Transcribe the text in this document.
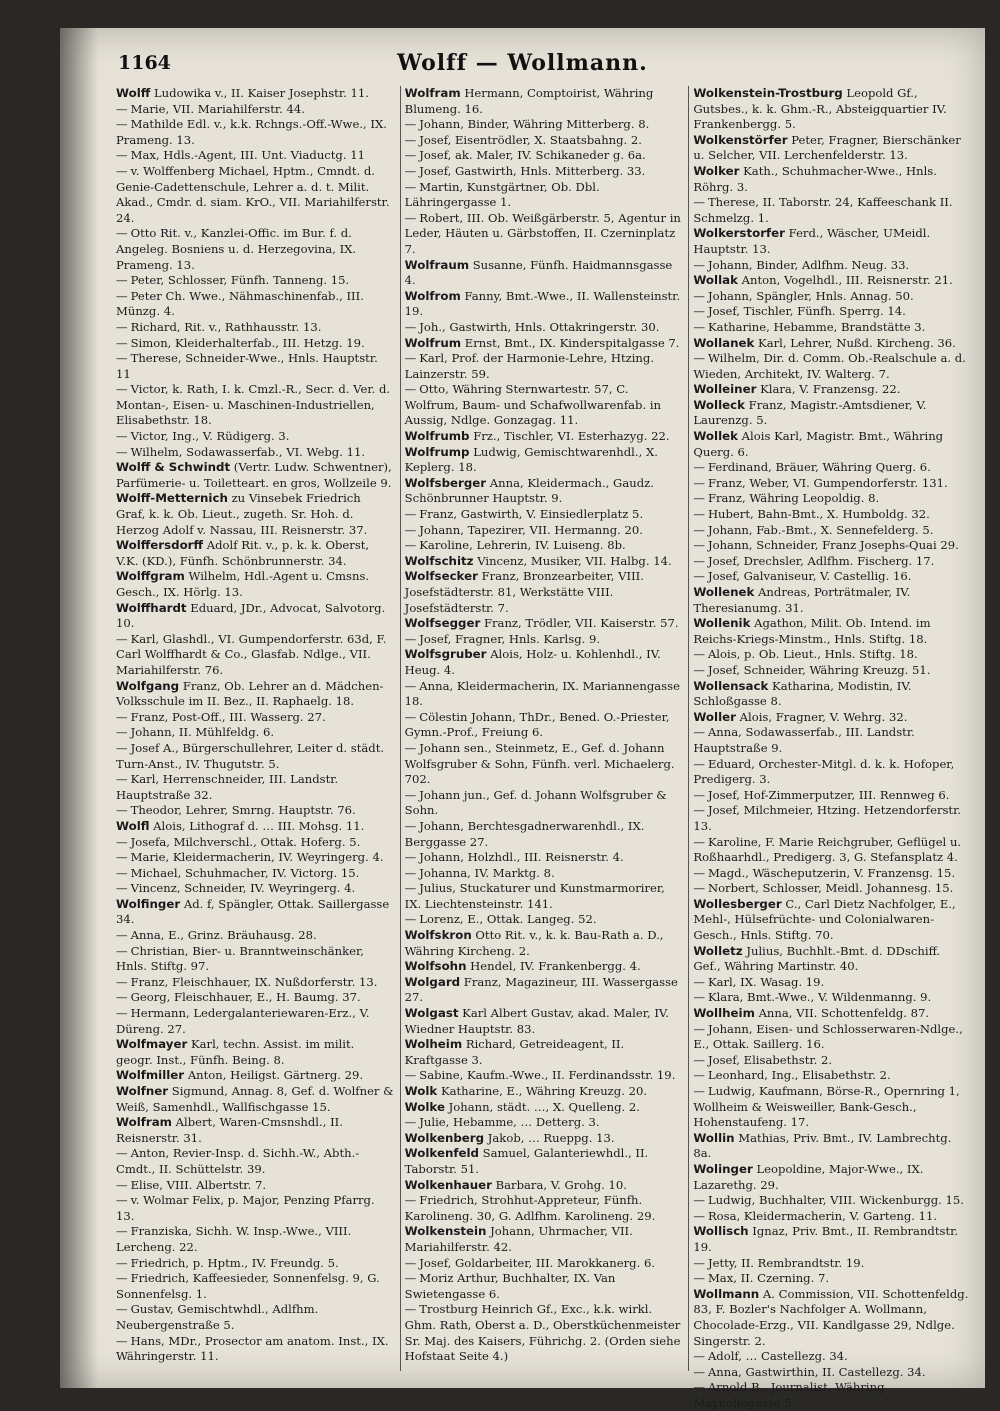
1164	Wolff — Wollmann.

Wolff Ludowika v., II. Kaiser Josephstr. 11.

— Marie, VII. Mariahilferstr. 44.

— Mathilde Edl. v., k.k. Rchngs.-Off.-Wwe., IX. Prameng. 13.

— Max, Hdls.-Agent, III. Unt. Viaductg. 11

— v. Wolffenberg Michael, Hptm., Cmndt. d. Genie-Cadettenschule, Lehrer a. d. t. Milit. Akad., Cmdr. d. siam. KrO., VII. Mariahilferstr. 24.

— Otto Rit. v., Kanzlei-Offic. im Bur. f. d. Angeleg. Bosniens u. d. Herzegovina, IX. Prameng. 13.

— Peter, Schlosser, Fünfh. Tanneng. 15.

— Peter Ch. Wwe., Nähmaschinenfab., III. Münzg. 4.

— Richard, Rit. v., Rathhausstr. 13.

— Simon, Kleiderhalterfab., III. Hetzg. 19.

— Therese, Schneider-Wwe., Hnls. Hauptstr. 11

— Victor, k. Rath, I. k. Cmzl.-R., Secr. d. Ver. d. Montan-, Eisen- u. Maschinen-Industriellen, Elisabethstr. 18.

— Victor, Ing., V. Rüdigerg. 3.

— Wilhelm, Sodawasserfab., VI. Webg. 11.

Wolff & Schwindt (Vertr. Ludw. Schwentner), Parfümerie- u. Toiletteart. en gros, Wollzeile 9.

Wolff-Metternich zu Vinsebek Friedrich Graf, k. k. Ob. Lieut., zugeth. Sr. Hoh. d. Herzog Adolf v. Nassau, III. Reisnerstr. 37.

Wolffersdorff Adolf Rit. v., p. k. k. Oberst, V.K. (KD.), Fünfh. Schönbrunnerstr. 34.

Wolffgram Wilhelm, Hdl.-Agent u. Cmsns. Gesch., IX. Hörlg. 13.

Wolffhardt Eduard, JDr., Advocat, Salvotorg. 10.

— Karl, Glashdl., VI. Gumpendorferstr. 63d, F. Carl Wolffhardt & Co., Glasfab. Ndlge., VII. Mariahilferstr. 76.

Wolfgang Franz, Ob. Lehrer an d. Mädchen-Volksschule im II. Bez., II. Raphaelg. 18.

— Franz, Post-Off., III. Wasserg. 27.

— Johann, II. Mühlfeldg. 6.

— Josef A., Bürgerschullehrer, Leiter d. städt. Turn-Anst., IV. Thugutstr. 5.

— Karl, Herrenschneider, III. Landstr. Hauptstraße 32.

— Theodor, Lehrer, Smrng. Hauptstr. 76.

Wolfl Alois, Lithograf d. … III. Mohsg. 11.

— Josefa, Milchverschl., Ottak. Hoferg. 5.

— Marie, Kleidermacherin, IV. Weyringerg. 4.

— Michael, Schuhmacher, IV. Victorg. 15.

— Vincenz, Schneider, IV. Weyringerg. 4.

Wolfinger Ad. f, Spängler, Ottak. Saillergasse 34.

— Anna, E., Grinz. Bräuhausg. 28.

— Christian, Bier- u. Branntweinschänker, Hnls. Stiftg. 97.

— Franz, Fleischhauer, IX. Nußdorferstr. 13.

— Georg, Fleischhauer, E., H. Baumg. 37.

— Hermann, Ledergalanteriewaren-Erz., V. Düreng. 27.

Wolfmayer Karl, techn. Assist. im milit. geogr. Inst., Fünfh. Being. 8.

Wolfmiller Anton, Heiligst. Gärtnerg. 29.

Wolfner Sigmund, Annag. 8, Gef. d. Wolfner & Weiß, Samenhdl., Wallfischgasse 15.

Wolfram Albert, Waren-Cmsnshdl., II. Reisnerstr. 31.

— Anton, Revier-Insp. d. Sichh.-W., Abth.-Cmdt., II. Schüttelstr. 39.

— Elise, VIII. Albertstr. 7.

— v. Wolmar Felix, p. Major, Penzing Pfarrg. 13.

— Franziska, Sichh. W. Insp.-Wwe., VIII. Lercheng. 22.

— Friedrich, p. Hptm., IV. Freundg. 5.

— Friedrich, Kaffeesieder, Sonnenfelsg. 9, G. Sonnenfelsg. 1.

— Gustav, Gemischtwhdl., Adlfhm. Neubergenstraße 5.

— Hans, MDr., Prosector am anatom. Inst., IX. Währingerstr. 11.

Wolfram Hermann, Comptoirist, Währing Blumeng. 16.

— Johann, Binder, Währing Mitterberg. 8.

— Josef, Eisentrödler, X. Staatsbahng. 2.

— Josef, ak. Maler, IV. Schikaneder g. 6a.

— Josef, Gastwirth, Hnls. Mitterberg. 33.

— Martin, Kunstgärtner, Ob. Dbl. Lähringergasse 1.

— Robert, III. Ob. Weißgärberstr. 5, Agentur in Leder, Häuten u. Gärbstoffen, II. Czerninplatz 7.

Wolfraum Susanne, Fünfh. Haidmannsgasse 4.

Wolfrom Fanny, Bmt.-Wwe., II. Wallensteinstr. 19.

— Joh., Gastwirth, Hnls. Ottakringerstr. 30.

Wolfrum Ernst, Bmt., IX. Kinderspitalgasse 7.

— Karl, Prof. der Harmonie-Lehre, Htzing. Lainzerstr. 59.

— Otto, Währing Sternwartestr. 57, C. Wolfrum, Baum- und Schafwollwarenfab. in Aussig, Ndlge. Gonzagag. 11.

Wolfrumb Frz., Tischler, VI. Esterhazyg. 22.

Wolfrump Ludwig, Gemischtwarenhdl., X. Keplerg. 18.

Wolfsberger Anna, Kleidermach., Gaudz. Schönbrunner Hauptstr. 9.

— Franz, Gastwirth, V. Einsiedlerplatz 5.

— Johann, Tapezirer, VII. Hermanng. 20.

— Karoline, Lehrerin, IV. Luiseng. 8b.

Wolfschitz Vincenz, Musiker, VII. Halbg. 14.

Wolfsecker Franz, Bronzearbeiter, VIII. Josefstädterstr. 81, Werkstätte VIII. Josefstädterstr. 7.

Wolfsegger Franz, Trödler, VII. Kaiserstr. 57.

— Josef, Fragner, Hnls. Karlsg. 9.

Wolfsgruber Alois, Holz- u. Kohlenhdl., IV. Heug. 4.

— Anna, Kleidermacherin, IX. Mariannengasse 18.

— Cölestin Johann, ThDr., Bened. O.-Priester, Gymn.-Prof., Freiung 6.

— Johann sen., Steinmetz, E., Gef. d. Johann Wolfsgruber & Sohn, Fünfh. verl. Michaelerg. 702.

— Johann jun., Gef. d. Johann Wolfsgruber & Sohn.

— Johann, Berchtesgadnerwarenhdl., IX. Berggasse 27.

— Johann, Holzhdl., III. Reisnerstr. 4.

— Johanna, IV. Marktg. 8.

— Julius, Stuckaturer und Kunstmarmorirer, IX. Liechtensteinstr. 141.

— Lorenz, E., Ottak. Langeg. 52.

Wolfskron Otto Rit. v., k. k. Bau-Rath a. D., Währing Kircheng. 2.

Wolfsohn Hendel, IV. Frankenbergg. 4.

Wolgard Franz, Magazineur, III. Wassergasse 27.

Wolgast Karl Albert Gustav, akad. Maler, IV. Wiedner Hauptstr. 83.

Wolheim Richard, Getreideagent, II. Kraftgasse 3.

— Sabine, Kaufm.-Wwe., II. Ferdinandsstr. 19.

Wolk Katharine, E., Währing Kreuzg. 20.

Wolke Johann, städt. …, X. Quelleng. 2.

— Julie, Hebamme, … Detterg. 3.

Wolkenberg Jakob, … Rueppg. 13.

Wolkenfeld Samuel, Galanteriewhdl., II. Taborstr. 51.

Wolkenhauer Barbara, V. Grohg. 10.

— Friedrich, Strohhut-Appreteur, Fünfh. Karolineng. 30, G. Adlfhm. Karolineng. 29.

Wolkenstein Johann, Uhrmacher, VII. Mariahilferstr. 42.

— Josef, Goldarbeiter, III. Marokkanerg. 6.

— Moriz Arthur, Buchhalter, IX. Van Swietengasse 6.

— Trostburg Heinrich Gf., Exc., k.k. wirkl. Ghm. Rath, Oberst a. D., Oberstküchenmeister Sr. Maj. des Kaisers, Führichg. 2. (Orden siehe Hofstaat Seite 4.)

Wolkenstein-Trostburg Leopold Gf., Gutsbes., k. k. Ghm.-R., Absteigquartier IV. Frankenbergg. 5.

Wolkenstörfer Peter, Fragner, Bierschänker u. Selcher, VII. Lerchenfelderstr. 13.

Wolker Kath., Schuhmacher-Wwe., Hnls. Röhrg. 3.

— Therese, II. Taborstr. 24, Kaffeeschank II. Schmelzg. 1.

Wolkerstorfer Ferd., Wäscher, UMeidl. Hauptstr. 13.

— Johann, Binder, Adlfhm. Neug. 33.

Wollak Anton, Vogelhdl., III. Reisnerstr. 21.

— Johann, Spängler, Hnls. Annag. 50.

— Josef, Tischler, Fünfh. Sperrg. 14.

— Katharine, Hebamme, Brandstätte 3.

Wollanek Karl, Lehrer, Nußd. Kircheng. 36.

— Wilhelm, Dir. d. Comm. Ob.-Realschule a. d. Wieden, Architekt, IV. Walterg. 7.

Wolleiner Klara, V. Franzensg. 22.

Wolleck Franz, Magistr.-Amtsdiener, V. Laurenzg. 5.

Wollek Alois Karl, Magistr. Bmt., Währing Querg. 6.

— Ferdinand, Bräuer, Währing Querg. 6.

— Franz, Weber, VI. Gumpendorferstr. 131.

— Franz, Währing Leopoldig. 8.

— Hubert, Bahn-Bmt., X. Humboldg. 32.

— Johann, Fab.-Bmt., X. Sennefelderg. 5.

— Johann, Schneider, Franz Josephs-Quai 29.

— Josef, Drechsler, Adlfhm. Fischerg. 17.

— Josef, Galvaniseur, V. Castellig. 16.

Wollenek Andreas, Porträtmaler, IV. Theresianumg. 31.

Wollenik Agathon, Milit. Ob. Intend. im Reichs-Kriegs-Minstm., Hnls. Stiftg. 18.

— Alois, p. Ob. Lieut., Hnls. Stiftg. 18.

— Josef, Schneider, Währing Kreuzg. 51.

Wollensack Katharina, Modistin, IV. Schloßgasse 8.

Woller Alois, Fragner, V. Wehrg. 32.

— Anna, Sodawasserfab., III. Landstr. Hauptstraße 9.

— Eduard, Orchester-Mitgl. d. k. k. Hofoper, Predigerg. 3.

— Josef, Hof-Zimmerputzer, III. Rennweg 6.

— Josef, Milchmeier, Htzing. Hetzendorferstr. 13.

— Karoline, F. Marie Reichgruber, Geflügel u. Roßhaarhdl., Predigerg. 3, G. Stefansplatz 4.

— Magd., Wäscheputzerin, V. Franzensg. 15.

— Norbert, Schlosser, Meidl. Johannesg. 15.

Wollesberger C., Carl Dietz Nachfolger, E., Mehl-, Hülsefrüchte- und Colonialwaren-Gesch., Hnls. Stiftg. 70.

Wolletz Julius, Buchhlt.-Bmt. d. DDschiff. Gef., Währing Martinstr. 40.

— Karl, IX. Wasag. 19.

— Klara, Bmt.-Wwe., V. Wildenmanng. 9.

Wollheim Anna, VII. Schottenfeldg. 87.

— Johann, Eisen- und Schlosserwaren-Ndlge., E., Ottak. Saillerg. 16.

— Josef, Elisabethstr. 2.

— Leonhard, Ing., Elisabethstr. 2.

— Ludwig, Kaufmann, Börse-R., Opernring 1, Wollheim & Weisweiller, Bank-Gesch., Hohenstaufeng. 17.

Wollin Mathias, Priv. Bmt., IV. Lambrechtg. 8a.

Wolinger Leopoldine, Major-Wwe., IX. Lazarethg. 29.

— Ludwig, Buchhalter, VIII. Wickenburgg. 15.

— Rosa, Kleidermacherin, V. Garteng. 11.

Wollisch Ignaz, Priv. Bmt., II. Rembrandtstr. 19.

— Jetty, II. Rembrandtstr. 19.

— Max, II. Czerning. 7.

Wollmann A. Commission, VII. Schottenfeldg. 83, F. Bozler's Nachfolger A. Wollmann, Chocolade-Erzg., VII. Kandlgasse 29, Ndlge. Singerstr. 2.

— Adolf, … Castellezg. 34.

— Anna, Gastwirthin, II. Castellezg. 34.

— Arnold B., Journalist, Währing Maynollogasse 5.
